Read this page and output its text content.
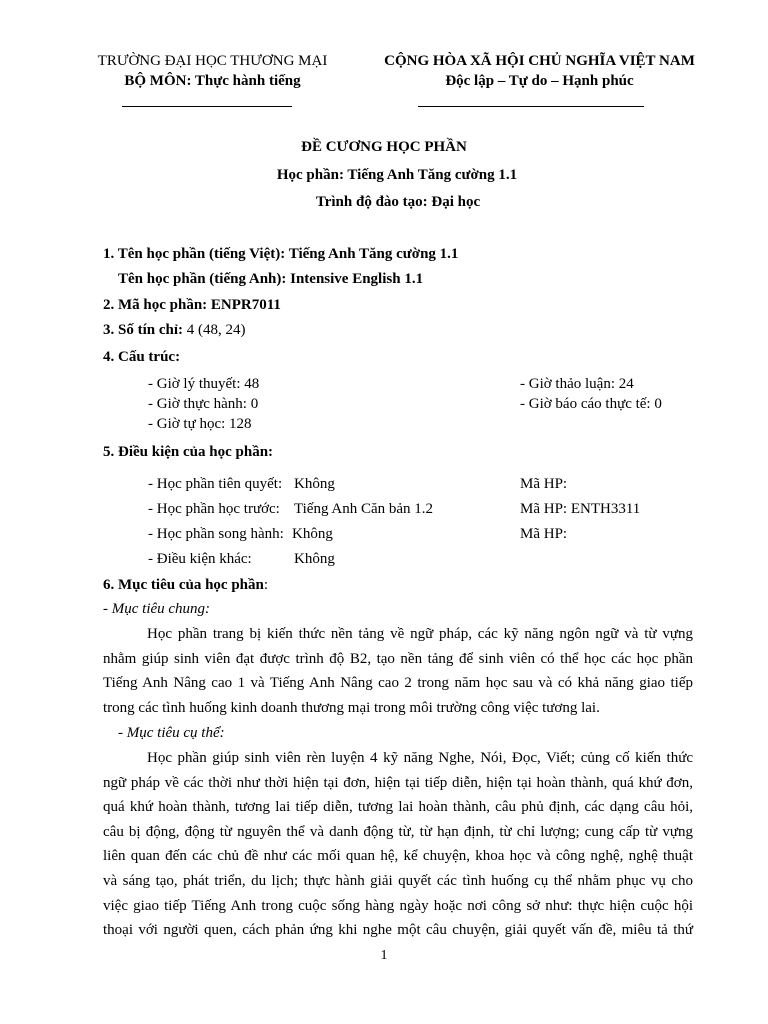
TRƯỜNG ĐẠI HỌC THƯƠNG MẠI
BỘ MÔN: Thực hành tiếng
CỘNG HÒA XÃ HỘI CHỦ NGHĨA VIỆT NAM
Độc lập – Tự do – Hạnh phúc
ĐỀ CƯƠNG HỌC PHẦN
Học phần: Tiếng Anh Tăng cường 1.1
Trình độ đào tạo: Đại học
1. Tên học phần (tiếng Việt): Tiếng Anh Tăng cường 1.1
Tên học phần (tiếng Anh): Intensive English 1.1
2. Mã học phần: ENPR7011
3. Số tín chỉ: 4 (48, 24)
4. Cấu trúc:
- Giờ lý thuyết: 48
- Giờ thực hành: 0
- Giờ tự học: 128
- Giờ thảo luận: 24
- Giờ báo cáo thực tế: 0
5. Điều kiện của học phần:
- Học phần tiên quyết: Không	Mã HP:
- Học phần học trước: Tiếng Anh Căn bản 1.2	Mã HP: ENTH3311
- Học phần song hành: Không	Mã HP:
- Điều kiện khác:	Không
6. Mục tiêu của học phần:
- Mục tiêu chung:
Học phần trang bị kiến thức nền tảng về ngữ pháp, các kỹ năng ngôn ngữ và từ vựng
nhằm giúp sinh viên đạt được trình độ B2, tạo nền tảng để sinh viên có thể học các học phần
Tiếng Anh Nâng cao 1 và Tiếng Anh Nâng cao 2 trong năm học sau và có khả năng giao tiếp
trong các tình huống kinh doanh thương mại trong môi trường công việc tương lai.
- Mục tiêu cụ thể:
Học phần giúp sinh viên rèn luyện 4 kỹ năng Nghe, Nói, Đọc, Viết; củng cố kiến thức
ngữ pháp về các thời như thời hiện tại đơn, hiện tại tiếp diễn, hiện tại hoàn thành, quá khứ đơn,
quá khứ hoàn thành, tương lai tiếp diễn, tương lai hoàn thành, câu phủ định, các dạng câu hỏi,
câu bị động, động từ nguyên thể và danh động từ, từ hạn định, từ chỉ lượng; cung cấp từ vựng
liên quan đến các chủ đề như các mối quan hệ, kể chuyện, khoa học và công nghệ, nghệ thuật
và sáng tạo, phát triển, du lịch; thực hành giải quyết các tình huống cụ thể nhằm phục vụ cho
việc giao tiếp Tiếng Anh trong cuộc sống hàng ngày hoặc nơi công sở như: thực hiện cuộc hội
thoại với người quen, cách phản ứng khi nghe một câu chuyện, giải quyết vấn đề, miêu tả thứ
1
